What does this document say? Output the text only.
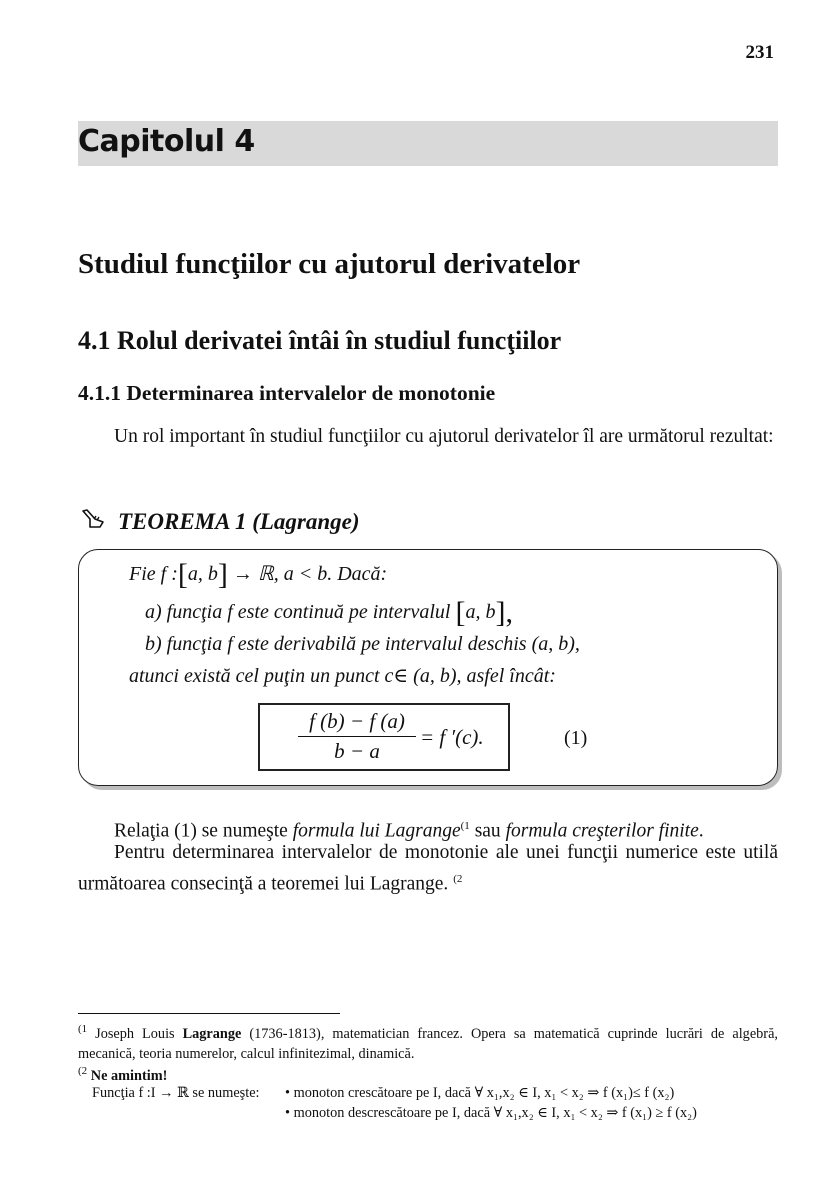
231
Capitolul 4
Studiul funcţiilor cu ajutorul derivatelor
4.1 Rolul derivatei întâi în studiul funcţiilor
4.1.1 Determinarea intervalelor de monotonie
Un rol important în studiul funcţiilor cu ajutorul derivatelor îl are următorul rezultat:
TEOREMA 1 (Lagrange)
Fie f :[a, b] → ℝ, a < b. Dacă:
a) funcţia f este continuă pe intervalul [a, b],
b) funcţia f este derivabilă pe intervalul deschis (a, b),
atunci există cel puţin un punct c∈ (a, b), asfel încât:
$\frac{f (b) - f (a)}{b - a} = f$ ′(c).	(1)
Relaţia (1) se numeşte formula lui Lagrange$^{(1}$ sau formula creşterilor finite.
Pentru determinarea intervalelor de monotonie ale unei funcţii numerice este utilă următoarea consecinţă a teoremei lui Lagrange. $^{(2}$
$^{(1}$ Joseph Louis Lagrange (1736-1813), matematician francez. Opera sa matematică cuprinde lucrări de algebră, mecanică, teoria numerelor, calcul infinitezimal, dinamică.
$^{(2}$ Ne amintim!
Funcţia f :I → ℝ se numeşte: • monoton crescătoare pe I, dacă ∀ x₁,x₂ ∈ I, x₁ < x₂ ⇒ f (x₁)≤ f (x₂)
• monoton descrescătoare pe I, dacă ∀ x₁,x₂ ∈ I, x₁ < x₂ ⇒ f (x₁) ≥ f (x₂)
